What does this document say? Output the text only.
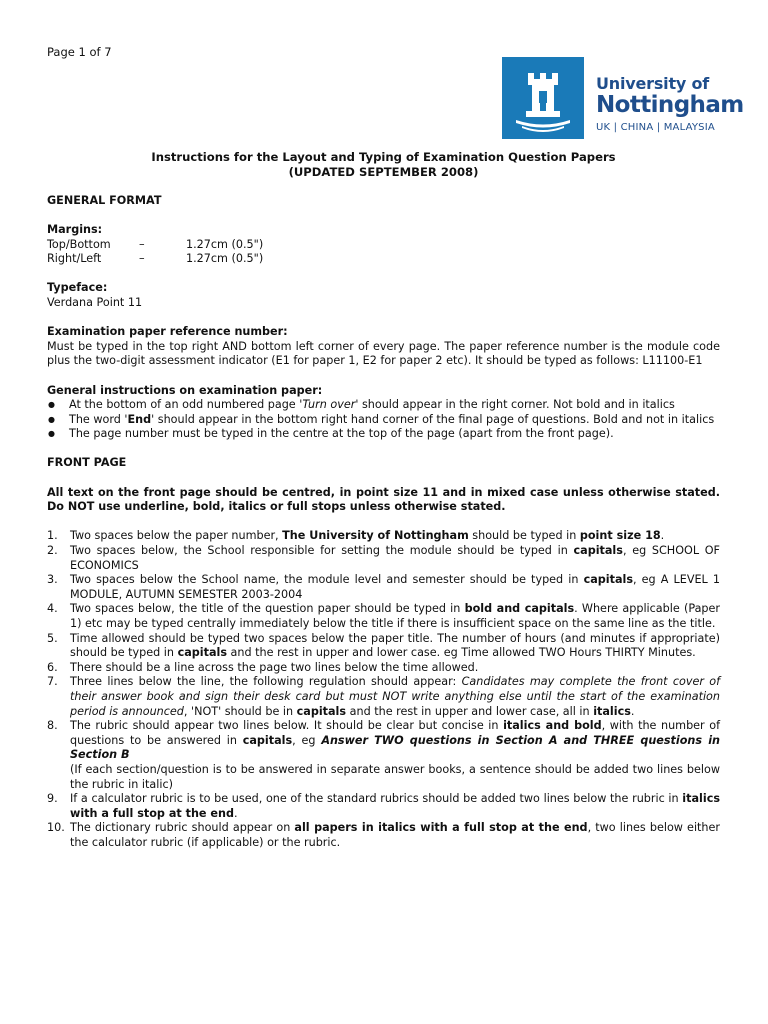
Page 1 of 7
University of
Nottingham
UK | CHINA | MALAYSIA
Instructions for the Layout and Typing of Examination Question Papers
(UPDATED SEPTEMBER 2008)
GENERAL FORMAT
Margins:
Top/Bottom	–	1.27cm (0.5")
Right/Left	–	1.27cm (0.5")
Typeface:
Verdana Point 11
Examination paper reference number:
Must be typed in the top right AND bottom left corner of every page. The paper reference number is the module code plus the two-digit assessment indicator (E1 for paper 1, E2 for paper 2 etc). It should be typed as follows: L11100-E1
General instructions on examination paper:
● At the bottom of an odd numbered page 'Turn over' should appear in the right corner. Not bold and in italics
● The word 'End' should appear in the bottom right hand corner of the final page of questions. Bold and not in italics
● The page number must be typed in the centre at the top of the page (apart from the front page).
FRONT PAGE
All text on the front page should be centred, in point size 11 and in mixed case unless otherwise stated. Do NOT use underline, bold, italics or full stops unless otherwise stated.
1.	Two spaces below the paper number, The University of Nottingham should be typed in point size 18.
2.	Two spaces below, the School responsible for setting the module should be typed in capitals, eg SCHOOL OF ECONOMICS
3.	Two spaces below the School name, the module level and semester should be typed in capitals, eg A LEVEL 1 MODULE, AUTUMN SEMESTER 2003-2004
4.	Two spaces below, the title of the question paper should be typed in bold and capitals. Where applicable (Paper 1) etc may be typed centrally immediately below the title if there is insufficient space on the same line as the title.
5.	Time allowed should be typed two spaces below the paper title. The number of hours (and minutes if appropriate) should be typed in capitals and the rest in upper and lower case. eg Time allowed TWO Hours THIRTY Minutes.
6.	There should be a line across the page two lines below the time allowed.
7.	Three lines below the line, the following regulation should appear: Candidates may complete the front cover of their answer book and sign their desk card but must NOT write anything else until the start of the examination period is announced, 'NOT' should be in capitals and the rest in upper and lower case, all in italics.
8.	The rubric should appear two lines below. It should be clear but concise in italics and bold, with the number of questions to be answered in capitals, eg Answer TWO questions in Section A and THREE questions in Section B
(If each section/question is to be answered in separate answer books, a sentence should be added two lines below the rubric in italic)
9.	If a calculator rubric is to be used, one of the standard rubrics should be added two lines below the rubric in italics with a full stop at the end.
10. The dictionary rubric should appear on all papers in italics with a full stop at the end, two lines below either the calculator rubric (if applicable) or the rubric.
